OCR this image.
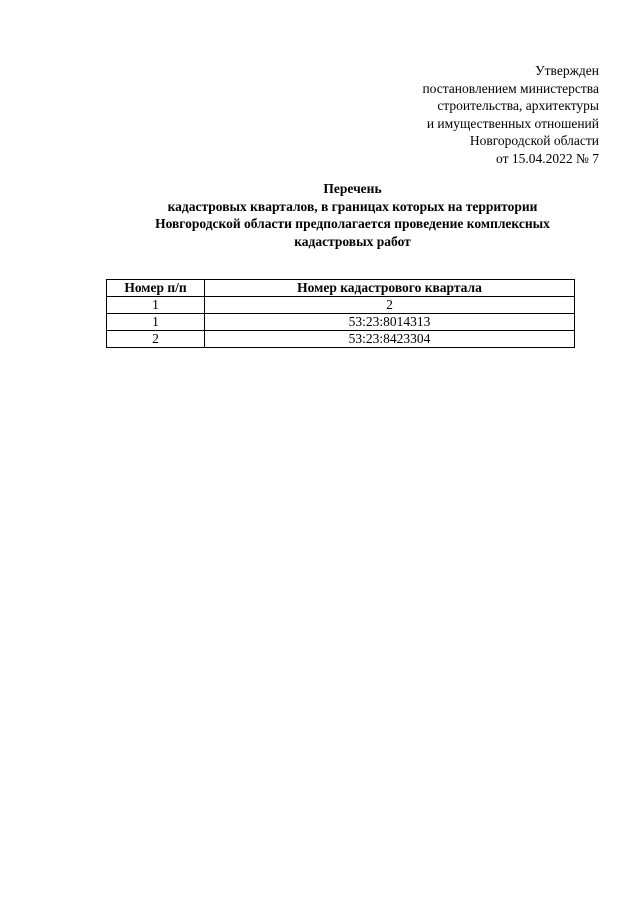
Утвержден
постановлением министерства
строительства, архитектуры
и имущественных отношений
Новгородской области
от 15.04.2022 № 7
Перечень
кадастровых кварталов, в границах которых на территории
Новгородской области предполагается проведение комплексных
кадастровых работ
Номер п/п	Номер кадастрового квартала
1	2
1	53:23:8014313
2	53:23:8423304
